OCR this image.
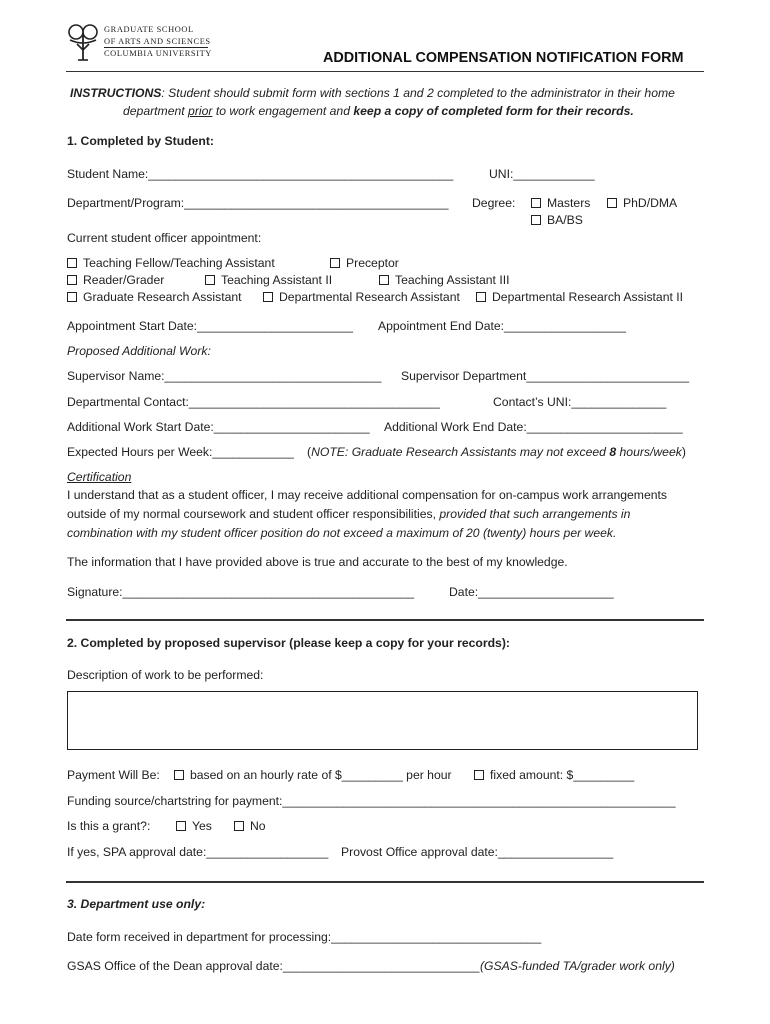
GRADUATE SCHOOL
OF ARTS AND SCIENCES
COLUMBIA UNIVERSITY	ADDITIONAL COMPENSATION NOTIFICATION FORM
INSTRUCTIONS: Student should submit form with sections 1 and 2 completed to the administrator in their home
department prior to work engagement and keep a copy of completed form for their records.
1. Completed by Student:
Student Name:_____________________________________________	UNI:____________
Department/Program:_______________________________________ Degree:	Masters	PhD/DMA
BA/BS
Current student officer appointment:
Teaching Fellow/Teaching Assistant	Preceptor
Reader/Grader	Teaching Assistant II	Teaching Assistant III
Graduate Research Assistant	Departmental Research Assistant	Departmental Research Assistant II
Appointment Start Date:_______________________ Appointment End Date:__________________
Proposed Additional Work:
Supervisor Name:________________________________ Supervisor Department________________________
Departmental Contact:_____________________________________	Contact’s UNI:______________
Additional Work Start Date:_______________________ Additional Work End Date:_______________________
Expected Hours per Week:____________ (NOTE: Graduate Research Assistants may not exceed 8 hours/week)
Certification
I understand that as a student officer, I may receive additional compensation for on-campus work arrangements
outside of my normal coursework and student officer responsibilities, provided that such arrangements in
combination with my student officer position do not exceed a maximum of 20 (twenty) hours per week.
The information that I have provided above is true and accurate to the best of my knowledge.
Signature:___________________________________________	Date:____________________
2. Completed by proposed supervisor (please keep a copy for your records):
Description of work to be performed:
Payment Will Be:	based on an hourly rate of $_________ per hour	fixed amount: $_________
Funding source/chartstring for payment:__________________________________________________________
Is this a grant?:	Yes	No
If yes, SPA approval date:__________________ Provost Office approval date:_________________
3. Department use only:
Date form received in department for processing:_______________________________
GSAS Office of the Dean approval date:_____________________________ (GSAS-funded TA/grader work only)
